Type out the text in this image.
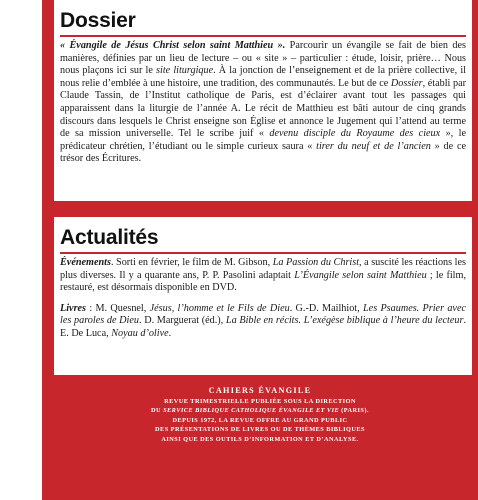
Dossier

« Évangile de Jésus Christ selon saint Matthieu ». Parcourir un évangile se fait de bien des manières, définies par un lieu de lecture – ou « site » – particulier : étude, loisir, prière… Nous nous plaçons ici sur le site liturgique. À la jonction de l’enseignement et de la prière collective, il nous relie d’emblée à une histoire, une tradition, des communautés. Le but de ce Dossier, établi par Claude Tassin, de l’Institut catholique de Paris, est d’éclairer avant tout les passages qui apparaissent dans la liturgie de l’année A. Le récit de Matthieu est bâti autour de cinq grands discours dans lesquels le Christ enseigne son Église et annonce le Jugement qui l’attend au terme de sa mission universelle. Tel le scribe juif « devenu disciple du Royaume des cieux », le prédicateur chrétien, l’étudiant ou le simple curieux saura « tirer du neuf et de l’ancien » de ce trésor des Écritures.

Actualités

Événements. Sorti en février, le film de M. Gibson, La Passion du Christ, a suscité les réactions les plus diverses. Il y a quarante ans, P. P. Pasolini adaptait L’Évangile selon saint Matthieu ; le film, restauré, est désormais disponible en DVD.

Livres : M. Quesnel, Jésus, l’homme et le Fils de Dieu. G.-D. Mailhiot, Les Psaumes. Prier avec les paroles de Dieu. D. Marguerat (éd.), La Bible en récits. L’exégèse biblique à l’heure du lecteur. E. De Luca, Noyau d’olive.

CAHIERS ÉVANGILE
REVUE TRIMESTRIELLE PUBLIÉE SOUS LA DIRECTION
DU SERVICE BIBLIQUE CATHOLIQUE ÉVANGILE ET VIE (PARIS).
DEPUIS 1972, LA REVUE OFFRE AU GRAND PUBLIC
DES PRÉSENTATIONS DE LIVRES OU DE THÈMES BIBLIQUES
AINSI QUE DES OUTILS D’INFORMATION ET D’ANALYSE.
